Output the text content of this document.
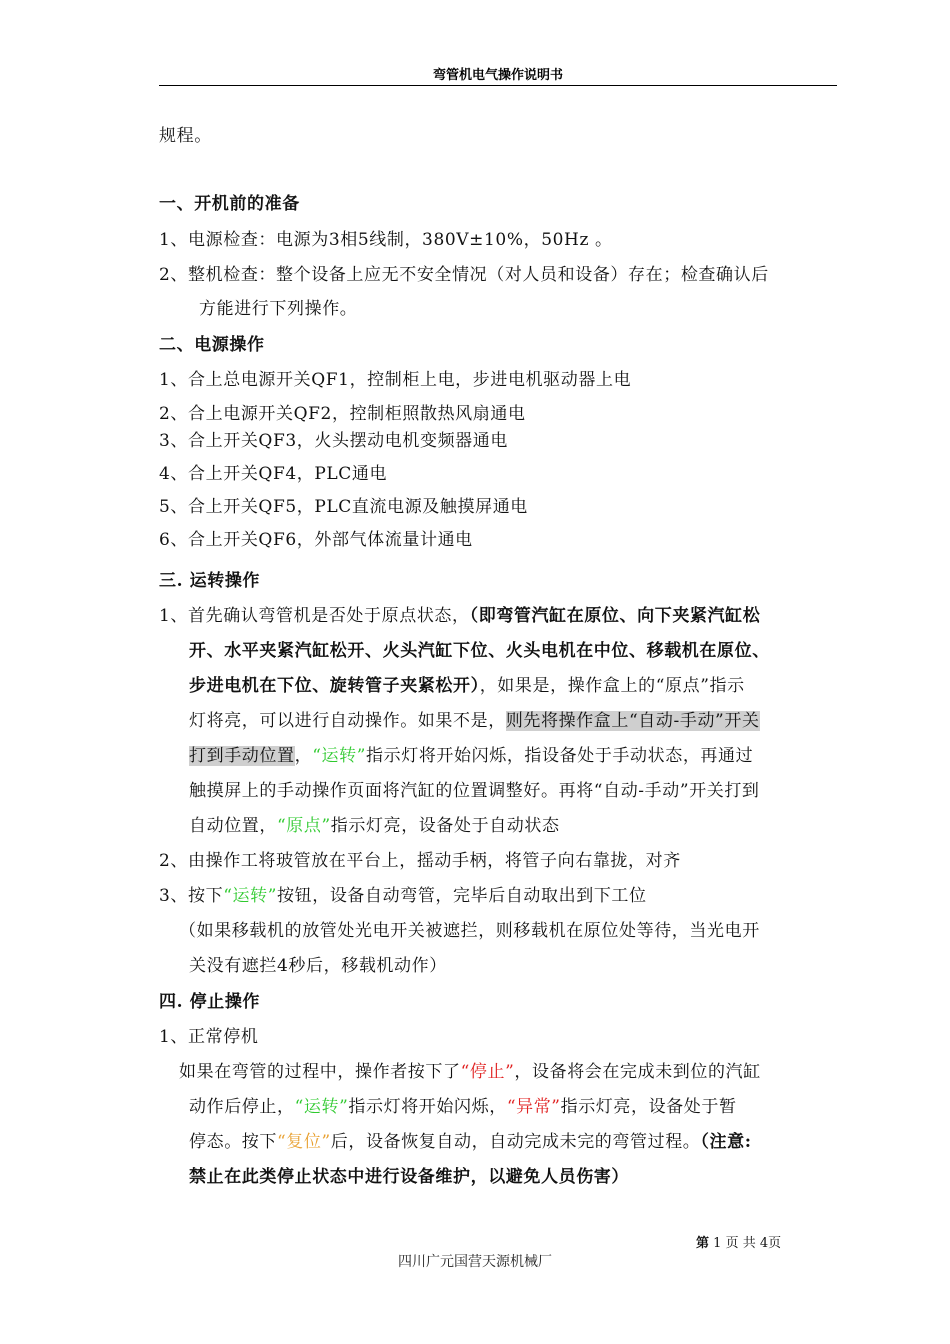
弯管机电气操作说明书
规程。
一、开机前的准备
1、电源检查：电源为3相5线制，380V±10%，50Hz 。
2、整机检查：整个设备上应无不安全情况（对人员和设备）存在；检查确认后
方能进行下列操作。
二、电源操作
1、合上总电源开关QF1，控制柜上电，步进电机驱动器上电
2、合上电源开关QF2，控制柜照散热风扇通电
3、合上开关QF3，火头摆动电机变频器通电
4、合上开关QF4，PLC通电
5、合上开关QF5，PLC直流电源及触摸屏通电
6、合上开关QF6，外部气体流量计通电
三. 运转操作
1、首先确认弯管机是否处于原点状态，（即弯管汽缸在原位、向下夹紧汽缸松
开、水平夹紧汽缸松开、火头汽缸下位、火头电机在中位、移载机在原位、
步进电机在下位、旋转管子夹紧松开），如果是，操作盒上的“原点”指示
灯将亮，可以进行自动操作。如果不是，则先将操作盒上“自动-手动”开关
打到手动位置，“运转”指示灯将开始闪烁，指设备处于手动状态，再通过
触摸屏上的手动操作页面将汽缸的位置调整好。再将“自动-手动”开关打到
自动位置，“原点”指示灯亮，设备处于自动状态
2、由操作工将玻管放在平台上，摇动手柄，将管子向右靠拢，对齐
3、按下“运转”按钮，设备自动弯管，完毕后自动取出到下工位
（如果移载机的放管处光电开关被遮拦，则移载机在原位处等待，当光电开
关没有遮拦4秒后，移载机动作）
四. 停止操作
1、正常停机
如果在弯管的过程中，操作者按下了“停止”，设备将会在完成未到位的汽缸
动作后停止，“运转”指示灯将开始闪烁，“异常”指示灯亮，设备处于暂
停态。按下“复位”后，设备恢复自动，自动完成未完的弯管过程。（注意:
禁止在此类停止状态中进行设备维护，以避免人员伤害）
第 1 页 共 4页
四川广元国营天源机械厂
